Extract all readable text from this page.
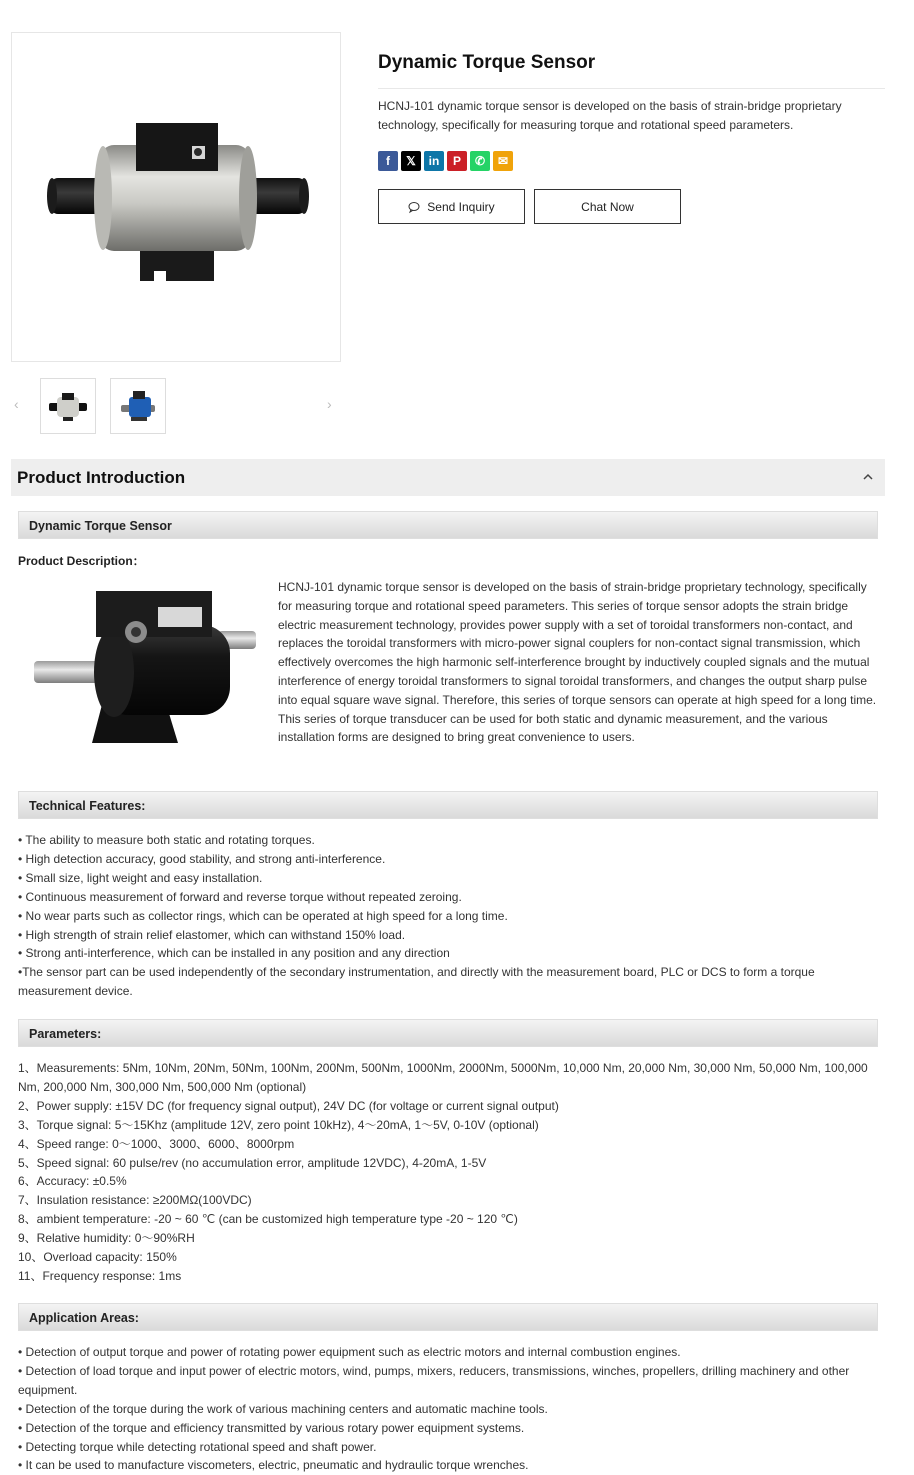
‹	›
Dynamic Torque Sensor

HCNJ-101 dynamic torque sensor is developed on the basis of strain-bridge proprietary technology, specifically for measuring torque and rotational speed parameters.

f	𝕏	in	P	✆	✉
Send Inquiry	Chat Now
Product Introduction
Dynamic Torque Sensor
Product Description：

HCNJ-101 dynamic torque sensor is developed on the basis of strain-bridge proprietary technology, specifically for measuring torque and rotational speed parameters. This series of torque sensor adopts the strain bridge electric measurement technology, provides power supply with a set of toroidal transformers non-contact, and replaces the toroidal transformers with micro-power signal couplers for non-contact signal transmission, which effectively overcomes the high harmonic self-interference brought by inductively coupled signals and the mutual interference of energy toroidal transformers to signal toroidal transformers, and changes the output sharp pulse into equal square wave signal. Therefore, this series of torque sensors can operate at high speed for a long time.

This series of torque transducer can be used for both static and dynamic measurement, and the various installation forms are designed to bring great convenience to users.

Technical Features:
• The ability to measure both static and rotating torques.
• High detection accuracy, good stability, and strong anti-interference.
• Small size, light weight and easy installation.
• Continuous measurement of forward and reverse torque without repeated zeroing.
• No wear parts such as collector rings, which can be operated at high speed for a long time.
• High strength of strain relief elastomer, which can withstand 150% load.
• Strong anti-interference, which can be installed in any position and any direction
•The sensor part can be used independently of the secondary instrumentation, and directly with the measurement board, PLC or DCS to form a torque measurement device.
Parameters:
1、Measurements: 5Nm, 10Nm, 20Nm, 50Nm, 100Nm, 200Nm, 500Nm, 1000Nm, 2000Nm, 5000Nm, 10,000 Nm, 20,000 Nm, 30,000 Nm, 50,000 Nm, 100,000 Nm, 200,000 Nm, 300,000 Nm, 500,000 Nm (optional)
2、Power supply: ±15V DC (for frequency signal output), 24V DC (for voltage or current signal output)
3、Torque signal: 5～15Khz (amplitude 12V, zero point 10kHz), 4～20mA, 1～5V, 0-10V (optional)
4、Speed range: 0～1000、3000、6000、8000rpm
5、Speed signal: 60 pulse/rev (no accumulation error, amplitude 12VDC), 4-20mA, 1-5V
6、Accuracy: ±0.5%
7、Insulation resistance: ≥200MΩ(100VDC)
8、ambient temperature: -20 ~ 60 ℃ (can be customized high temperature type -20 ~ 120 ℃)
9、Relative humidity: 0～90%RH
10、Overload capacity: 150%
11、Frequency response: 1ms
Application Areas:
• Detection of output torque and power of rotating power equipment such as electric motors and internal combustion engines.
• Detection of load torque and input power of electric motors, wind, pumps, mixers, reducers, transmissions, winches, propellers, drilling machinery and other equipment.
• Detection of the torque during the work of various machining centers and automatic machine tools.
• Detection of the torque and efficiency transmitted by various rotary power equipment systems.
• Detecting torque while detecting rotational speed and shaft power.
• It can be used to manufacture viscometers, electric, pneumatic and hydraulic torque wrenches.
